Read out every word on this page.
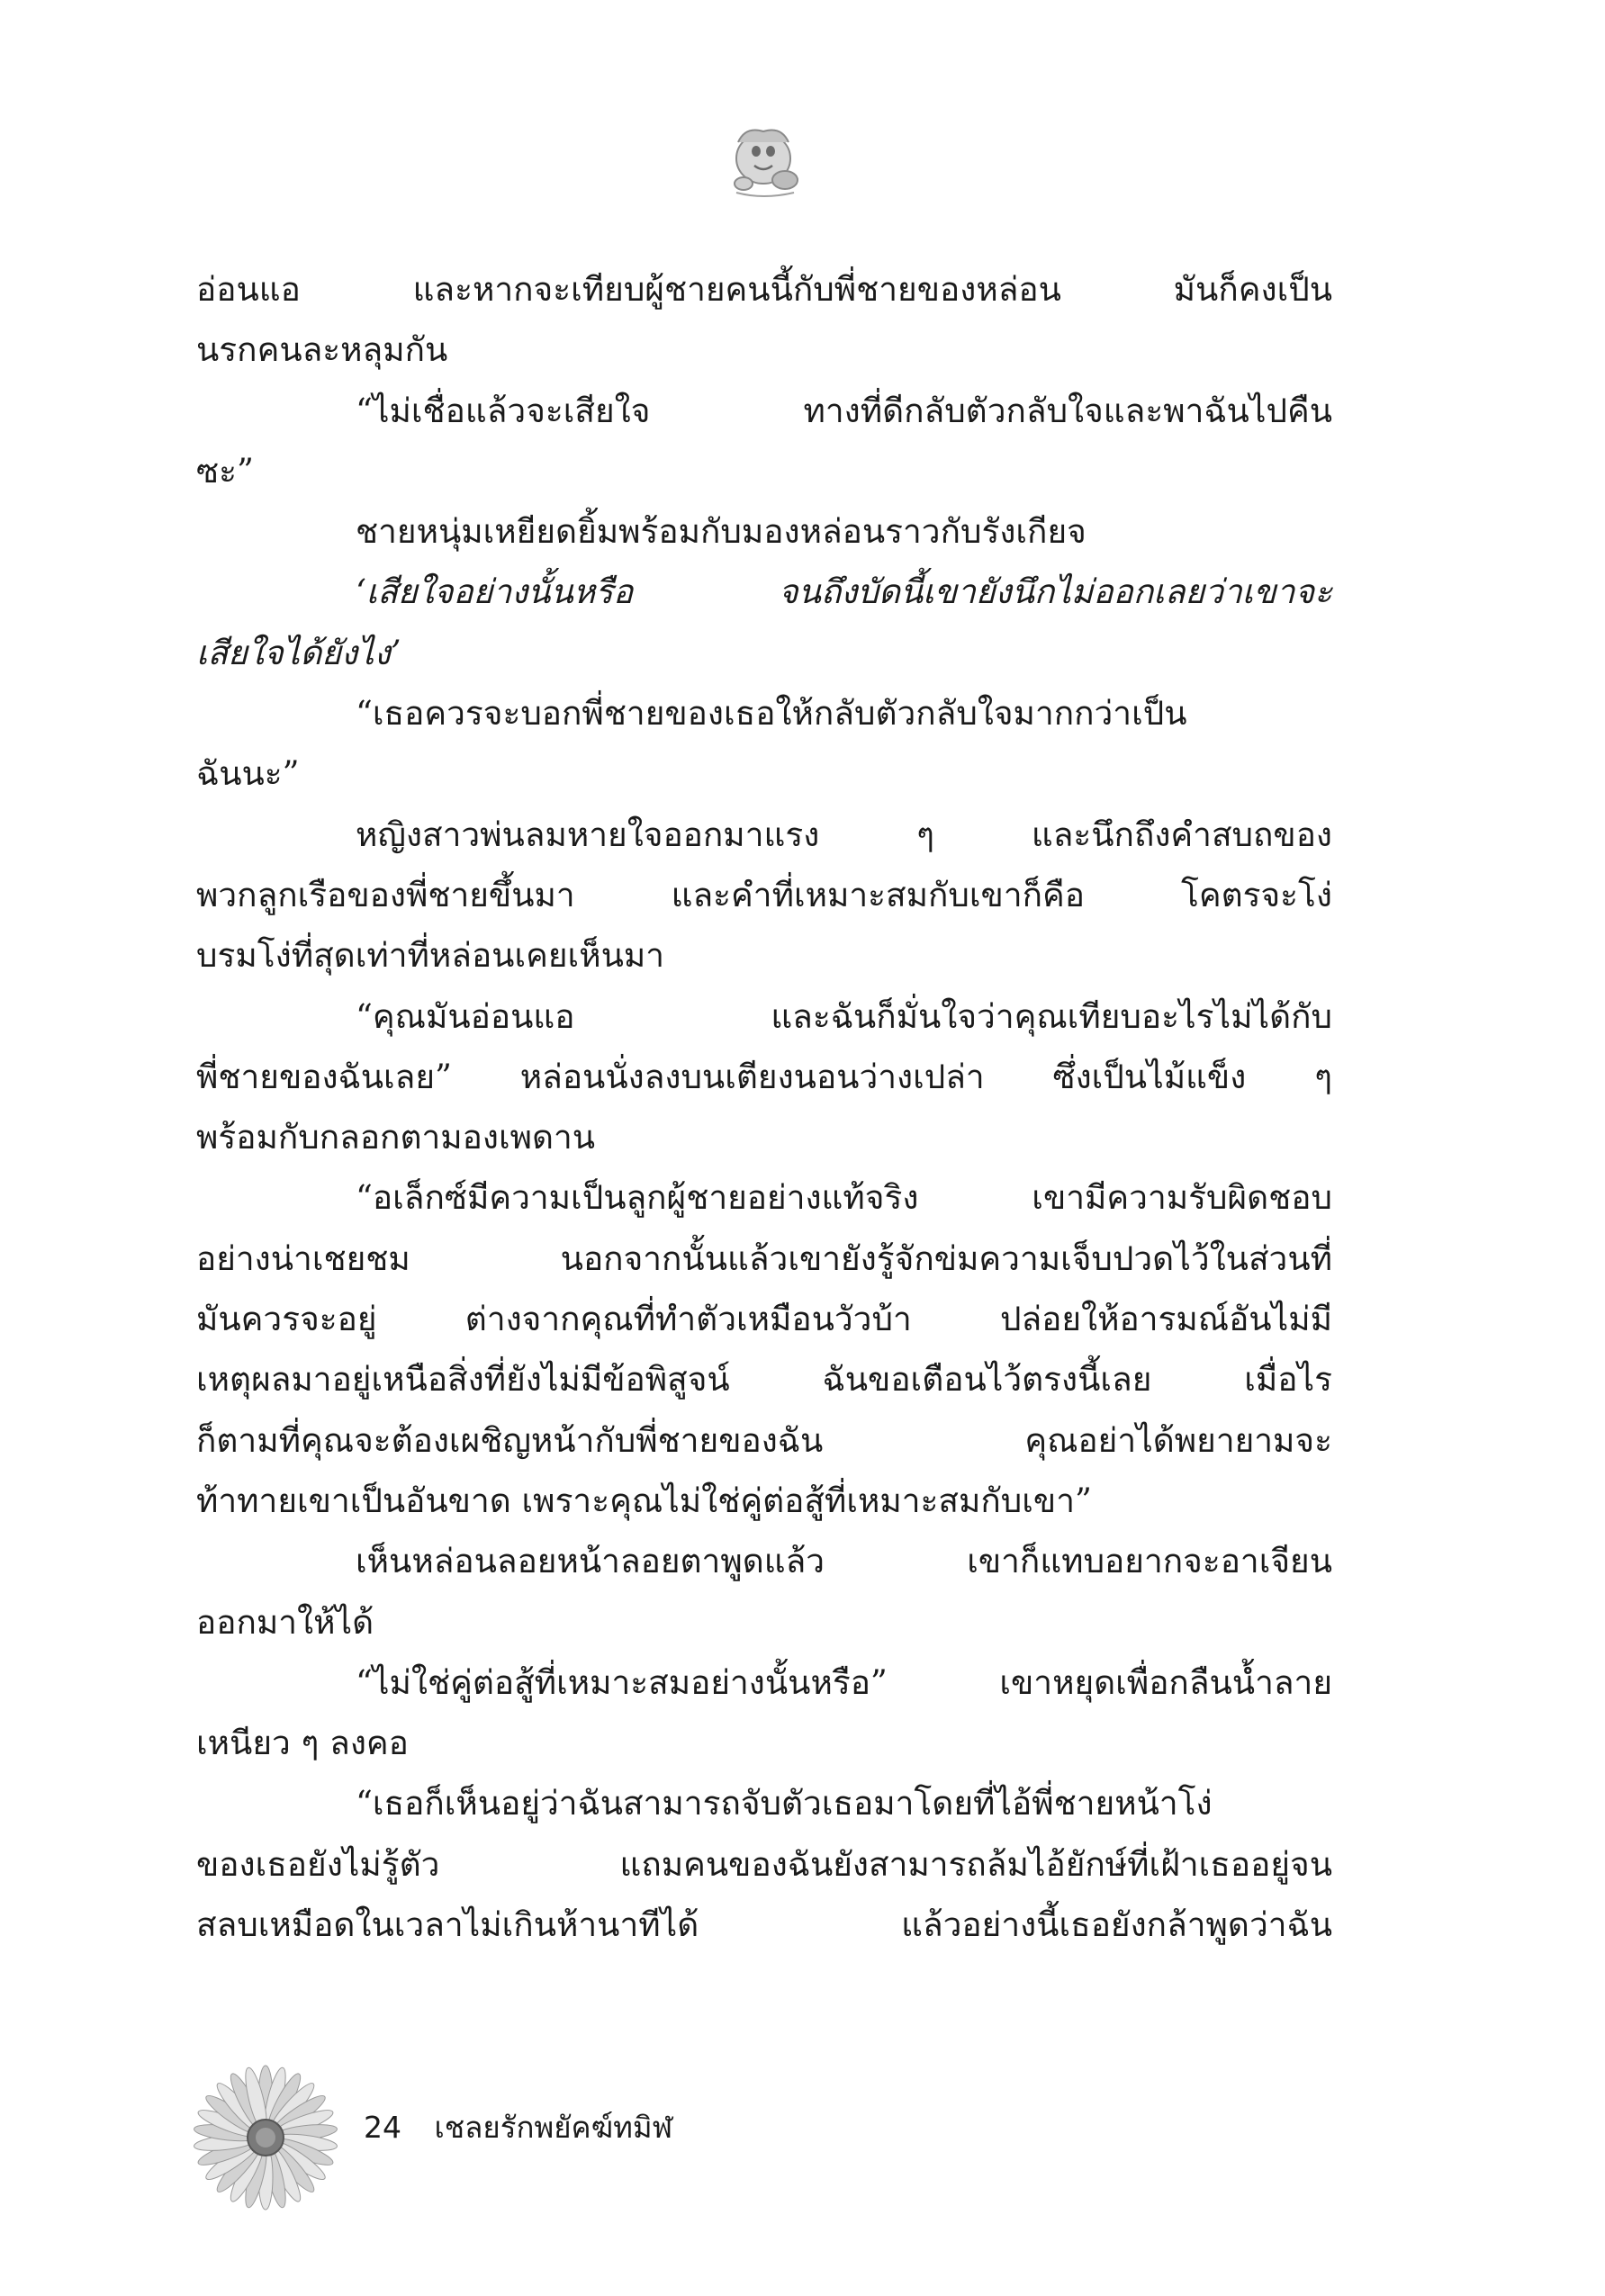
อ่อนแอ และหากจะเทียบผู้ชายคนนี้กับพี่ชายของหล่อน มันก็คงเป็น
นรกคนละหลุมกัน
“ไม่เชื่อแล้วจะเสียใจ ทางที่ดีกลับตัวกลับใจและพาฉันไปคืน
ซะ”
ชายหนุ่มเหยียดยิ้มพร้อมกับมองหล่อนราวกับรังเกียจ
‘เสียใจอย่างนั้นหรือ จนถึงบัดนี้เขายังนึกไม่ออกเลยว่าเขาจะ
เสียใจได้ยังไง’
“เธอควรจะบอกพี่ชายของเธอให้กลับตัวกลับใจมากกว่าเป็น
ฉันนะ”
หญิงสาวพ่นลมหายใจออกมาแรง ๆ และนึกถึงคำสบถของ
พวกลูกเรือของพี่ชายขึ้นมา และคำที่เหมาะสมกับเขาก็คือ โคตรจะโง่
บรมโง่ที่สุดเท่าที่หล่อนเคยเห็นมา
“คุณมันอ่อนแอ และฉันก็มั่นใจว่าคุณเทียบอะไรไม่ได้กับ
พี่ชายของฉันเลย” หล่อนนั่งลงบนเตียงนอนว่างเปล่า ซึ่งเป็นไม้แข็ง ๆ
พร้อมกับกลอกตามองเพดาน
“อเล็กซ์มีความเป็นลูกผู้ชายอย่างแท้จริง เขามีความรับผิดชอบ
อย่างน่าเชยชม นอกจากนั้นแล้วเขายังรู้จักข่มความเจ็บปวดไว้ในส่วนที่
มันควรจะอยู่ ต่างจากคุณที่ทำตัวเหมือนวัวบ้า ปล่อยให้อารมณ์อันไม่มี
เหตุผลมาอยู่เหนือสิ่งที่ยังไม่มีข้อพิสูจน์ ฉันขอเตือนไว้ตรงนี้เลย เมื่อไร
ก็ตามที่คุณจะต้องเผชิญหน้ากับพี่ชายของฉัน คุณอย่าได้พยายามจะ
ท้าทายเขาเป็นอันขาด เพราะคุณไม่ใช่คู่ต่อสู้ที่เหมาะสมกับเขา”
เห็นหล่อนลอยหน้าลอยตาพูดแล้ว เขาก็แทบอยากจะอาเจียน
ออกมาให้ได้
“ไม่ใช่คู่ต่อสู้ที่เหมาะสมอย่างนั้นหรือ” เขาหยุดเพื่อกลืนน้ำลาย
เหนียว ๆ ลงคอ
“เธอก็เห็นอยู่ว่าฉันสามารถจับตัวเธอมาโดยที่ไอ้พี่ชายหน้าโง่
ของเธอยังไม่รู้ตัว แถมคนของฉันยังสามารถล้มไอ้ยักษ์ที่เฝ้าเธออยู่จน
สลบเหมือดในเวลาไม่เกินห้านาทีได้ แล้วอย่างนี้เธอยังกล้าพูดว่าฉัน
24 เชลยรักพยัคฆ์ทมิฬ
